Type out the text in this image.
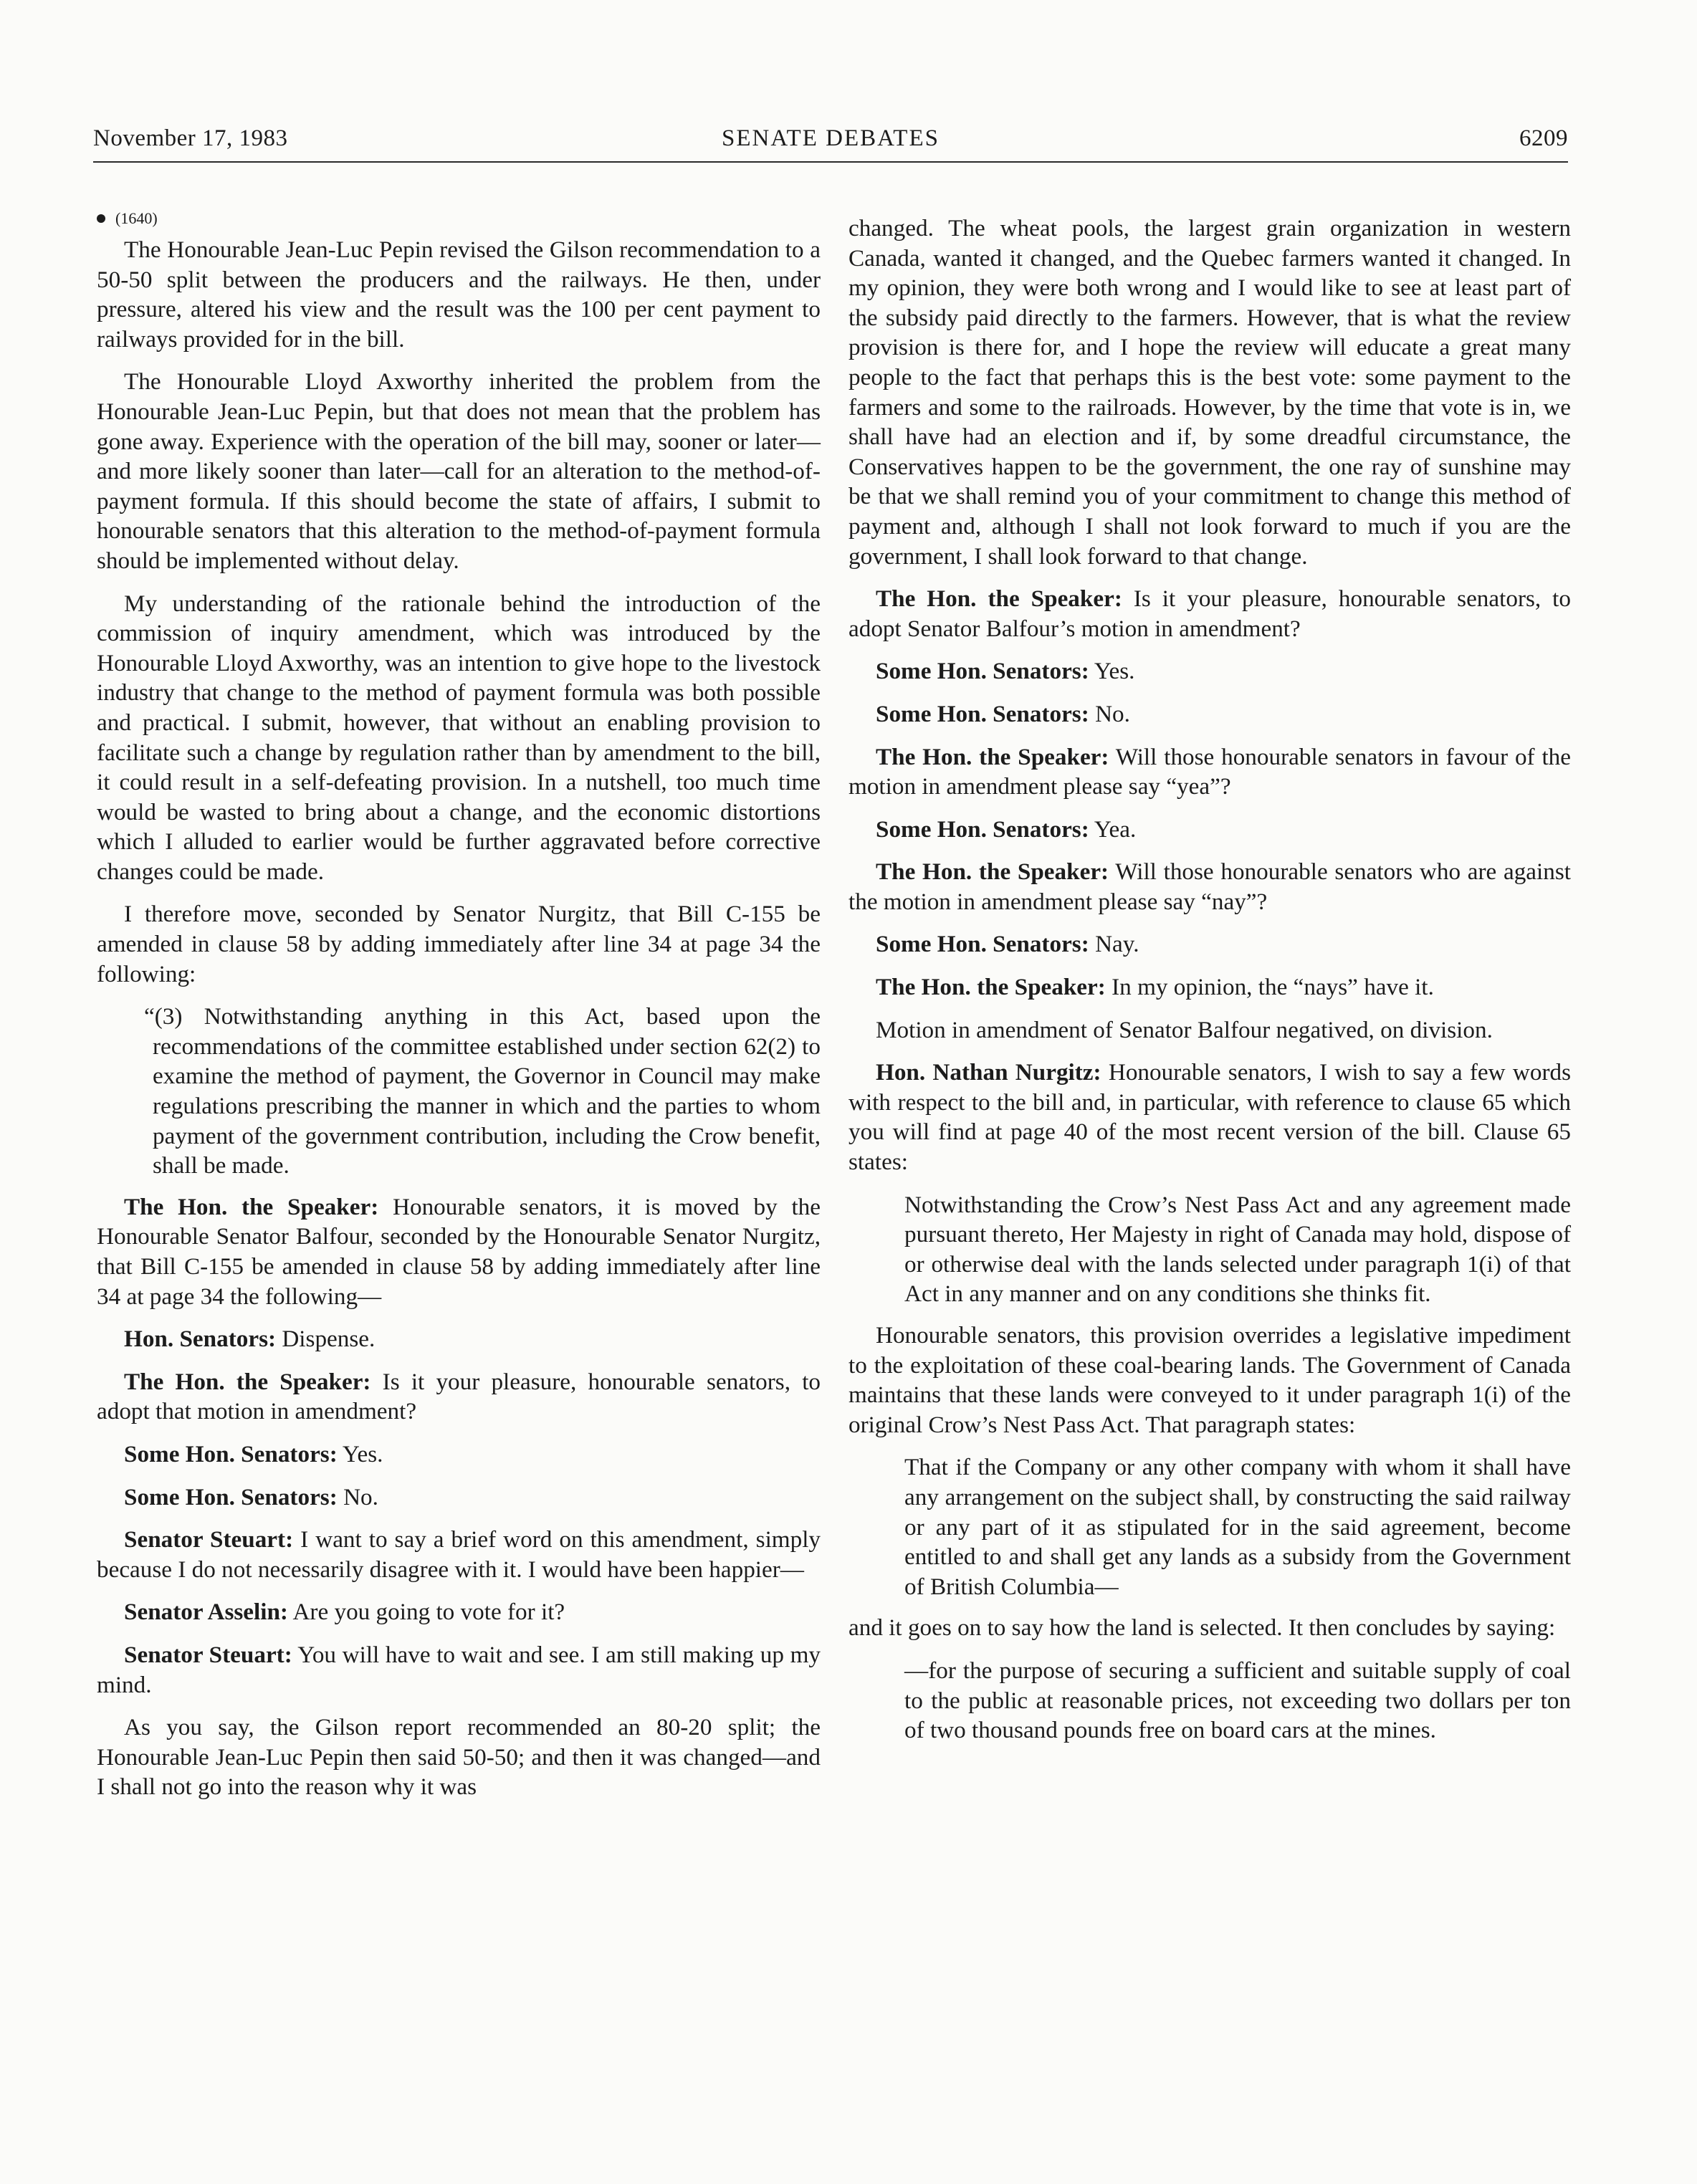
November 17, 1983	SENATE DEBATES	6209
(1640)

The Honourable Jean-Luc Pepin revised the Gilson recommendation to a 50-50 split between the producers and the railways. He then, under pressure, altered his view and the result was the 100 per cent payment to railways provided for in the bill.

The Honourable Lloyd Axworthy inherited the problem from the Honourable Jean-Luc Pepin, but that does not mean that the problem has gone away. Experience with the operation of the bill may, sooner or later—and more likely sooner than later—call for an alteration to the method-of-payment formula. If this should become the state of affairs, I submit to honourable senators that this alteration to the method-of-payment formula should be implemented without delay.

My understanding of the rationale behind the introduction of the commission of inquiry amendment, which was introduced by the Honourable Lloyd Axworthy, was an intention to give hope to the livestock industry that change to the method of payment formula was both possible and practical. I submit, however, that without an enabling provision to facilitate such a change by regulation rather than by amendment to the bill, it could result in a self-defeating provision. In a nutshell, too much time would be wasted to bring about a change, and the economic distortions which I alluded to earlier would be further aggravated before corrective changes could be made.

I therefore move, seconded by Senator Nurgitz, that Bill C-155 be amended in clause 58 by adding immediately after line 34 at page 34 the following:

“(3) Notwithstanding anything in this Act, based upon the recommendations of the committee established under section 62(2) to examine the method of payment, the Governor in Council may make regulations prescribing the manner in which and the parties to whom payment of the government contribution, including the Crow benefit, shall be made.

The Hon. the Speaker: Honourable senators, it is moved by the Honourable Senator Balfour, seconded by the Honourable Senator Nurgitz, that Bill C-155 be amended in clause 58 by adding immediately after line 34 at page 34 the following—

Hon. Senators: Dispense.

The Hon. the Speaker: Is it your pleasure, honourable senators, to adopt that motion in amendment?

Some Hon. Senators: Yes.

Some Hon. Senators: No.

Senator Steuart: I want to say a brief word on this amendment, simply because I do not necessarily disagree with it. I would have been happier—

Senator Asselin: Are you going to vote for it?

Senator Steuart: You will have to wait and see. I am still making up my mind.

As you say, the Gilson report recommended an 80-20 split; the Honourable Jean-Luc Pepin then said 50-50; and then it was changed—and I shall not go into the reason why it was

changed. The wheat pools, the largest grain organization in western Canada, wanted it changed, and the Quebec farmers wanted it changed. In my opinion, they were both wrong and I would like to see at least part of the subsidy paid directly to the farmers. However, that is what the review provision is there for, and I hope the review will educate a great many people to the fact that perhaps this is the best vote: some payment to the farmers and some to the railroads. However, by the time that vote is in, we shall have had an election and if, by some dreadful circumstance, the Conservatives happen to be the government, the one ray of sunshine may be that we shall remind you of your commitment to change this method of payment and, although I shall not look forward to much if you are the government, I shall look forward to that change.

The Hon. the Speaker: Is it your pleasure, honourable senators, to adopt Senator Balfour’s motion in amendment?

Some Hon. Senators: Yes.

Some Hon. Senators: No.

The Hon. the Speaker: Will those honourable senators in favour of the motion in amendment please say “yea”?

Some Hon. Senators: Yea.

The Hon. the Speaker: Will those honourable senators who are against the motion in amendment please say “nay”?

Some Hon. Senators: Nay.

The Hon. the Speaker: In my opinion, the “nays” have it.

Motion in amendment of Senator Balfour negatived, on division.

Hon. Nathan Nurgitz: Honourable senators, I wish to say a few words with respect to the bill and, in particular, with reference to clause 65 which you will find at page 40 of the most recent version of the bill. Clause 65 states:

Notwithstanding the Crow’s Nest Pass Act and any agreement made pursuant thereto, Her Majesty in right of Canada may hold, dispose of or otherwise deal with the lands selected under paragraph 1(i) of that Act in any manner and on any conditions she thinks fit.

Honourable senators, this provision overrides a legislative impediment to the exploitation of these coal-bearing lands. The Government of Canada maintains that these lands were conveyed to it under paragraph 1(i) of the original Crow’s Nest Pass Act. That paragraph states:

That if the Company or any other company with whom it shall have any arrangement on the subject shall, by constructing the said railway or any part of it as stipulated for in the said agreement, become entitled to and shall get any lands as a subsidy from the Government of British Columbia—

and it goes on to say how the land is selected. It then concludes by saying:

—for the purpose of securing a sufficient and suitable supply of coal to the public at reasonable prices, not exceeding two dollars per ton of two thousand pounds free on board cars at the mines.
